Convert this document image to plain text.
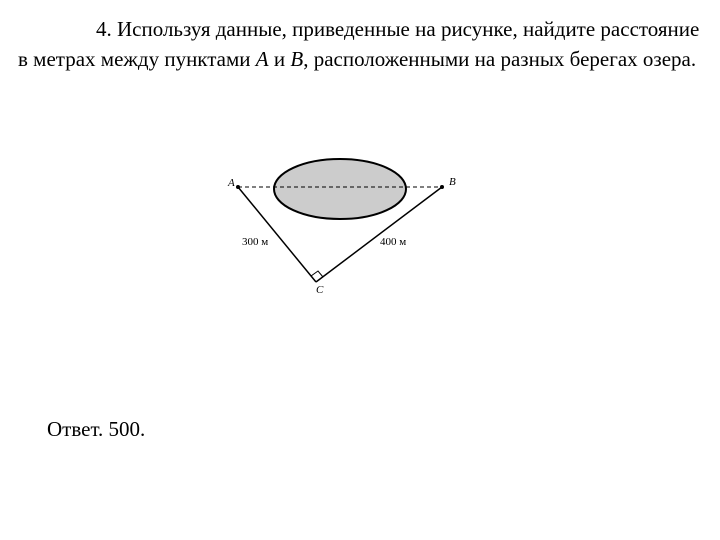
4. Используя данные, приведенные на рисунке, найдите расстояние в метрах между пунктами A и B, расположенными на разных берегах озера.

A	B
C
300 м	400 м

Ответ. 500.
